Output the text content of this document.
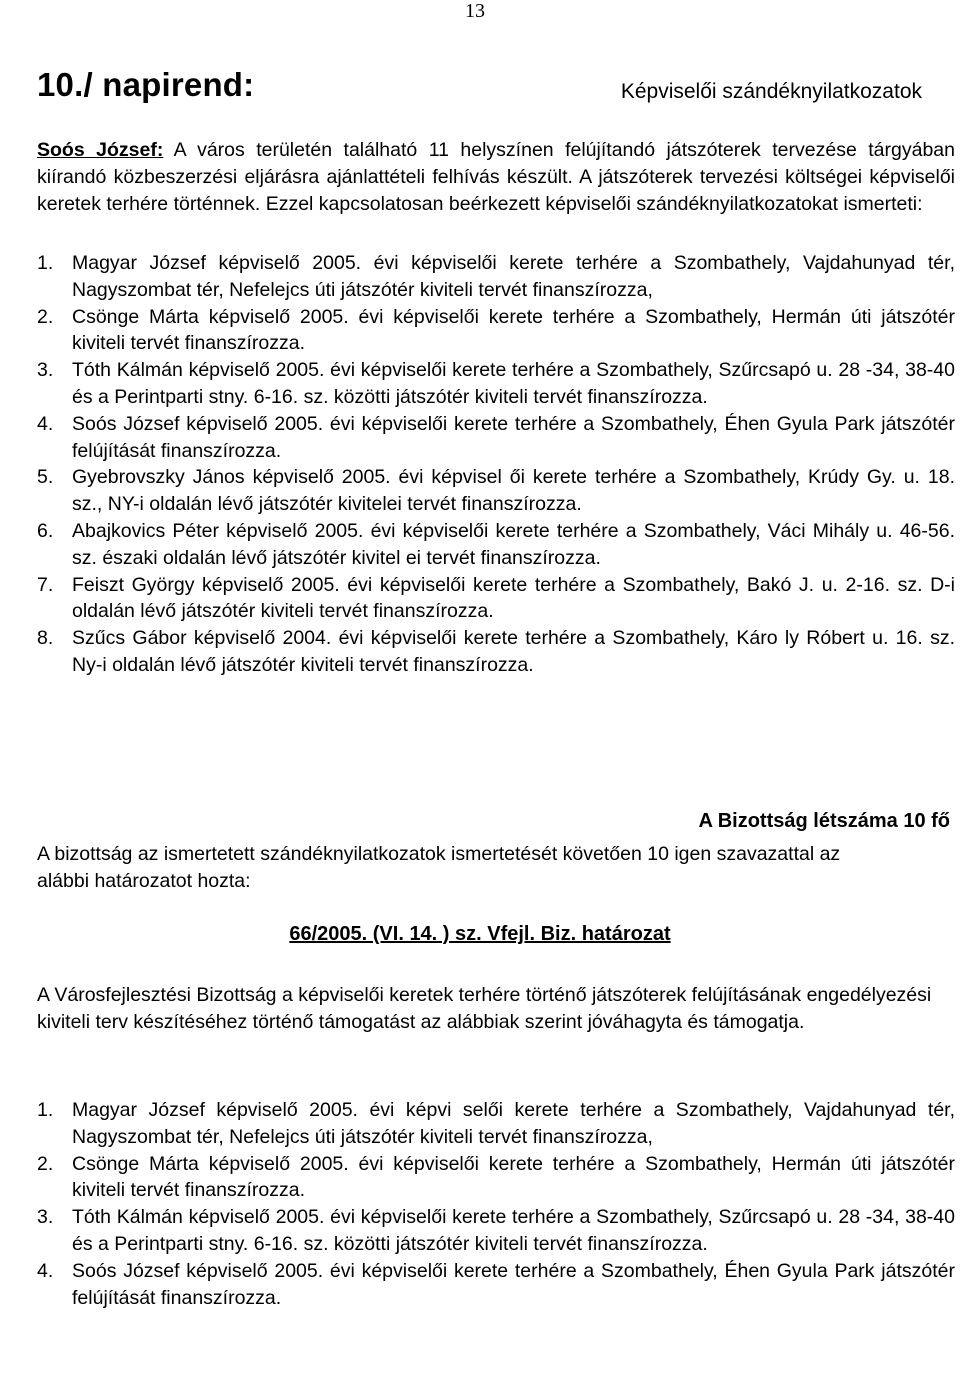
13
10./ napirend:	Képviselői szándéknyilatkozatok
Soós József: A város területén található 11 helyszínen felújítandó játszóterek tervezése tárgyában kiírandó közbeszerzési eljárásra ajánlattételi felhívás készült. A játszóterek tervezési költségei képviselői keretek terhére történnek. Ezzel kapcsolatosan beérkezett képviselői szándéknyilatkozatokat ismerteti:
1. Magyar József képviselő 2005. évi képviselői kerete terhére a Szombathely, Vajdahunyad tér, Nagyszombat tér, Nefelejcs úti játszótér kiviteli tervét finanszírozza,
2. Csönge Márta képviselő 2005. évi képviselői kerete terhére a Szombathely, Hermán úti játszótér kiviteli tervét finanszírozza.
3. Tóth Kálmán képviselő 2005. évi képviselői kerete terhére a Szombathely, Szűrcsapó u. 28 -34, 38-40 és a Perintparti stny. 6-16. sz. közötti játszótér kiviteli tervét finanszírozza.
4. Soós József képviselő 2005. évi képviselői kerete terhére a Szombathely, Éhen Gyula Park játszótér felújítását finanszírozza.
5. Gyebrovszky János képviselő 2005. évi képvisel ői kerete terhére a Szombathely, Krúdy Gy. u. 18. sz., NY-i oldalán lévő játszótér kivitelei tervét finanszírozza.
6. Abajkovics Péter képviselő 2005. évi képviselői kerete terhére a Szombathely, Váci Mihály u. 46-56. sz. északi oldalán lévő játszótér kivitel ei tervét finanszírozza.
7. Feiszt György képviselő 2005. évi képviselői kerete terhére a Szombathely, Bakó J. u. 2-16. sz. D-i oldalán lévő játszótér kiviteli tervét finanszírozza.
8. Szűcs Gábor képviselő 2004. évi képviselői kerete terhére a Szombathely, Káro ly Róbert u. 16. sz. Ny-i oldalán lévő játszótér kiviteli tervét finanszírozza.
A Bizottság létszáma 10 fő
A bizottság az ismertetett szándéknyilatkozatok ismertetését követően 10 igen szavazattal az alábbi határozatot hozta:
66/2005. (VI. 14. ) sz. Vfejl. Biz. határozat
A Városfejlesztési Bizottság a képviselői keretek terhére történő játszóterek felújításának engedélyezési kiviteli terv készítéséhez történő támogatást az alábbiak szerint jóváhagyta és támogatja.
1. Magyar József képviselő 2005. évi képvi selői kerete terhére a Szombathely, Vajdahunyad tér, Nagyszombat tér, Nefelejcs úti játszótér kiviteli tervét finanszírozza,
2. Csönge Márta képviselő 2005. évi képviselői kerete terhére a Szombathely, Hermán úti játszótér kiviteli tervét finanszírozza.
3. Tóth Kálmán képviselő 2005. évi képviselői kerete terhére a Szombathely, Szűrcsapó u. 28 -34, 38-40 és a Perintparti stny. 6-16. sz. közötti játszótér kiviteli tervét finanszírozza.
4. Soós József képviselő 2005. évi képviselői kerete terhére a Szombathely, Éhen Gyula Park játszótér felújítását finanszírozza.
